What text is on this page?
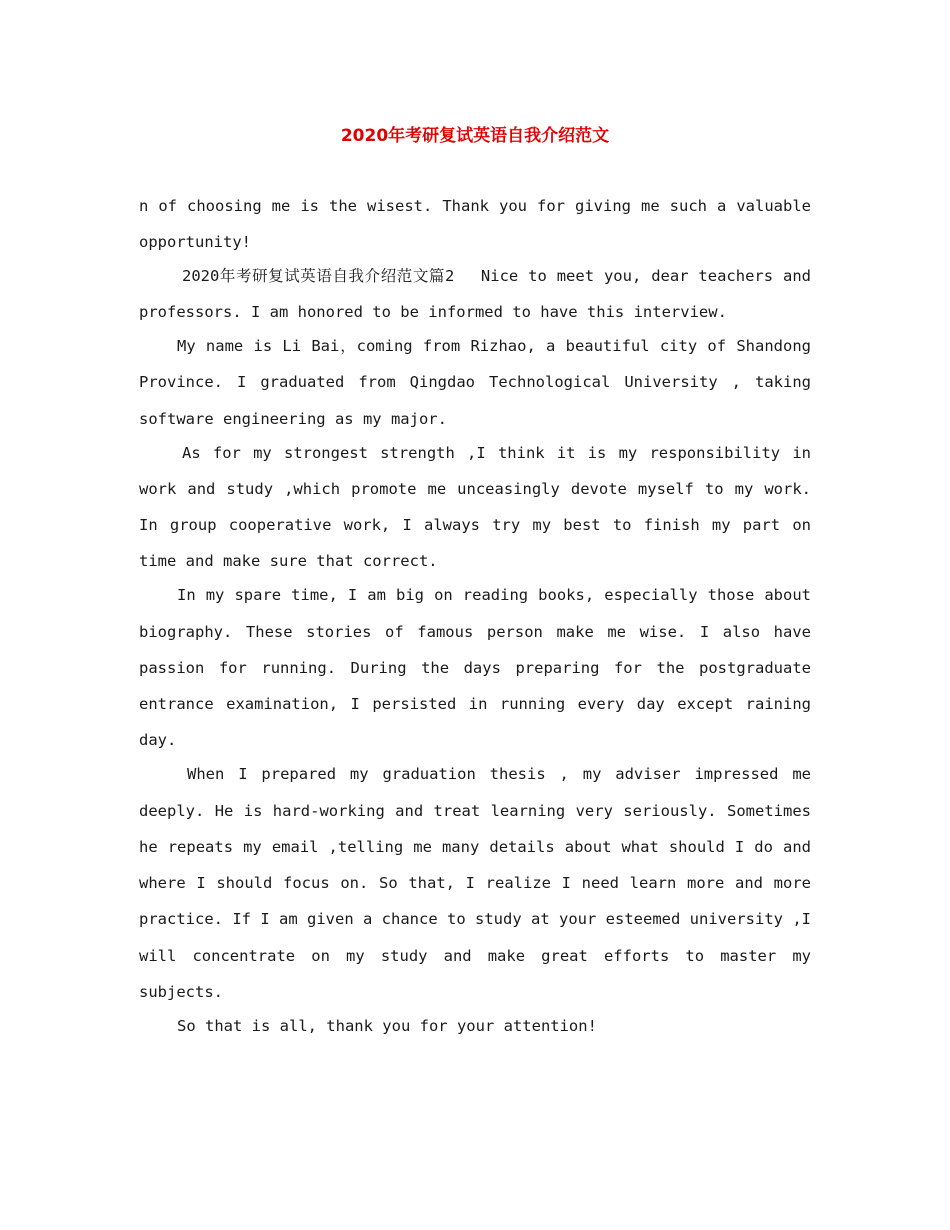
2020年考研复试英语自我介绍范文

n of choosing me is the wisest. Thank you for giving me such a valuable opportunity!

2020年考研复试英语自我介绍范文篇2　 Nice to meet you, dear teachers and professors. I am honored to be informed to have this interview.

My name is Li Bai，coming from Rizhao, a beautiful city of Shandong Province. I graduated from Qingdao Technological University , taking software engineering as my major.

As for my strongest strength ,I think it is my responsibility in work and study ,which promote me unceasingly devote myself to my work. In group cooperative work, I always try my best to finish my part on time and make sure that correct.

In my spare time, I am big on reading books, especially those about biography. These stories of famous person make me wise. I also have passion for running. During the days preparing for the postgraduate entrance examination, I persisted in running every day except raining day.

When I prepared my graduation thesis , my adviser impressed me deeply. He is hard-working and treat learning very seriously. Sometimes he repeats my email ,telling me many details about what should I do and where I should focus on. So that, I realize I need learn more and more practice. If I am given a chance to study at your esteemed university ,I will concentrate on my study and make great efforts to master my subjects.

So that is all, thank you for your attention!
